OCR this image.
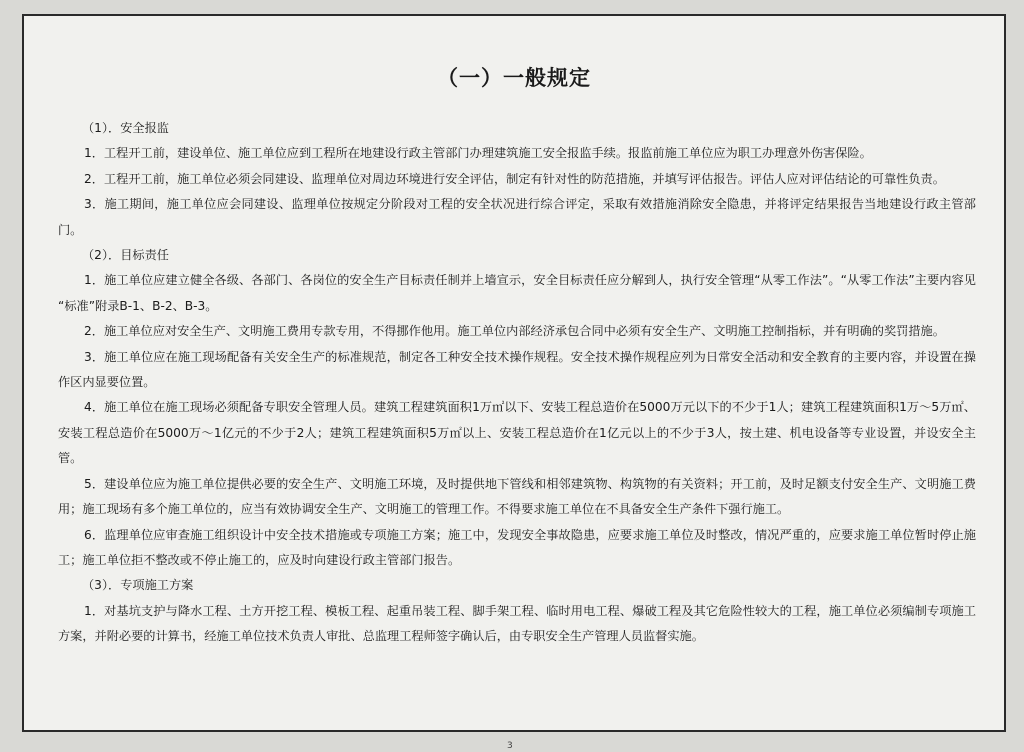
（一）一般规定

（1）．安全报监

1．工程开工前，建设单位、施工单位应到工程所在地建设行政主管部门办理建筑施工安全报监手续。报监前施工单位应为职工办理意外伤害保险。

2．工程开工前，施工单位必须会同建设、监理单位对周边环境进行安全评估，制定有针对性的防范措施，并填写评估报告。评估人应对评估结论的可靠性负责。

3．施工期间，施工单位应会同建设、监理单位按规定分阶段对工程的安全状况进行综合评定，采取有效措施消除安全隐患，并将评定结果报告当地建设行政主管部门。

（2）．目标责任

1．施工单位应建立健全各级、各部门、各岗位的安全生产目标责任制并上墙宣示，安全目标责任应分解到人，执行安全管理“从零工作法”。“从零工作法”主要内容见 “标准”附录B-1、B-2、B-3。

2．施工单位应对安全生产、文明施工费用专款专用，不得挪作他用。施工单位内部经济承包合同中必须有安全生产、文明施工控制指标，并有明确的奖罚措施。

3．施工单位应在施工现场配备有关安全生产的标准规范，制定各工种安全技术操作规程。安全技术操作规程应列为日常安全活动和安全教育的主要内容，并设置在操作区内显要位置。

4．施工单位在施工现场必须配备专职安全管理人员。建筑工程建筑面积1万㎡以下、安装工程总造价在5000万元以下的不少于1人；建筑工程建筑面积1万～5万㎡、安装工程总造价在5000万～1亿元的不少于2人；建筑工程建筑面积5万㎡以上、安装工程总造价在1亿元以上的不少于3人，按土建、机电设备等专业设置，并设安全主管。

5．建设单位应为施工单位提供必要的安全生产、文明施工环境，及时提供地下管线和相邻建筑物、构筑物的有关资料；开工前，及时足额支付安全生产、文明施工费用；施工现场有多个施工单位的，应当有效协调安全生产、文明施工的管理工作。不得要求施工单位在不具备安全生产条件下强行施工。

6．监理单位应审查施工组织设计中安全技术措施或专项施工方案；施工中，发现安全事故隐患，应要求施工单位及时整改，情况严重的，应要求施工单位暂时停止施工；施工单位拒不整改或不停止施工的，应及时向建设行政主管部门报告。

（3）．专项施工方案

1．对基坑支护与降水工程、土方开挖工程、模板工程、起重吊装工程、脚手架工程、临时用电工程、爆破工程及其它危险性较大的工程，施工单位必须编制专项施工方案，并附必要的计算书，经施工单位技术负责人审批、总监理工程师签字确认后，由专职安全生产管理人员监督实施。

3
